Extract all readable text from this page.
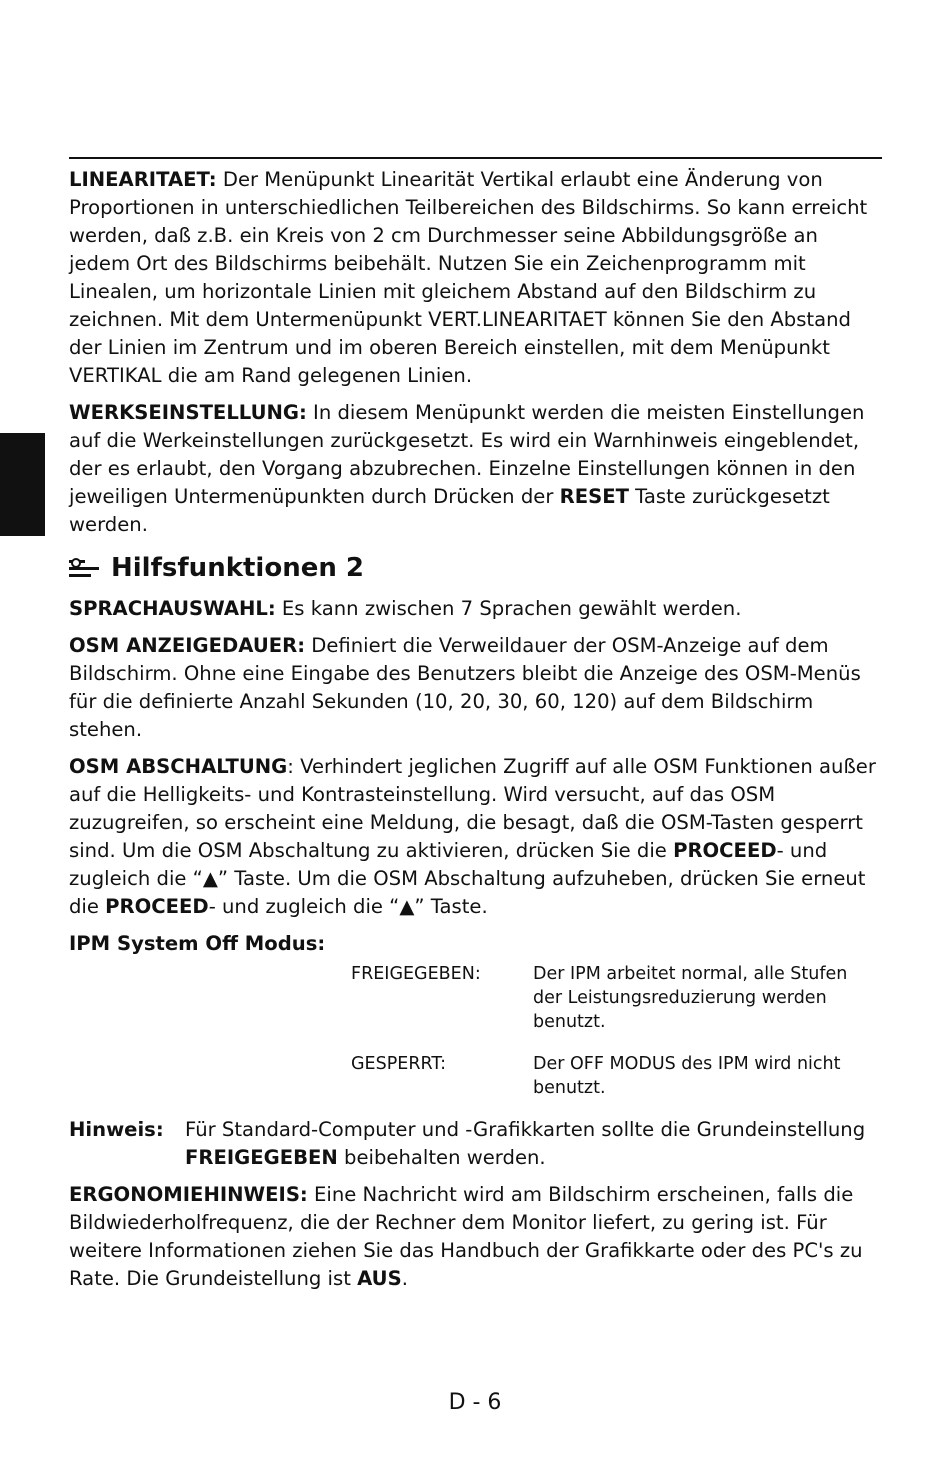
LINEARITAET: Der Menüpunkt Linearität Vertikal erlaubt eine Änderung von Proportionen in unterschiedlichen Teilbereichen des Bildschirms. So kann erreicht werden, daß z.B. ein Kreis von 2 cm Durchmesser seine Abbildungsgröße an jedem Ort des Bildschirms beibehält. Nutzen Sie ein Zeichenprogramm mit Linealen, um horizontale Linien mit gleichem Abstand auf den Bildschirm zu zeichnen. Mit dem Untermenüpunkt VERT.LINEARITAET können Sie den Abstand der Linien im Zentrum und im oberen Bereich einstellen, mit dem Menüpunkt VERTIKAL die am Rand gelegenen Linien.

WERKSEINSTELLUNG: In diesem Menüpunkt werden die meisten Einstellungen auf die Werkeinstellungen zurückgesetzt. Es wird ein Warnhinweis eingeblendet, der es erlaubt, den Vorgang abzubrechen. Einzelne Einstellungen können in den jeweiligen Untermenüpunkten durch Drücken der RESET Taste zurückgesetzt werden.

Hilfsfunktionen 2

SPRACHAUSWAHL: Es kann zwischen 7 Sprachen gewählt werden.

OSM ANZEIGEDAUER: Definiert die Verweildauer der OSM-Anzeige auf dem Bildschirm. Ohne eine Eingabe des Benutzers bleibt die Anzeige des OSM-Menüs für die definierte Anzahl Sekunden (10, 20, 30, 60, 120) auf dem Bildschirm stehen.

OSM ABSCHALTUNG: Verhindert jeglichen Zugriff auf alle OSM Funktionen außer auf die Helligkeits- und Kontrasteinstellung. Wird versucht, auf das OSM zuzugreifen, so erscheint eine Meldung, die besagt, daß die OSM-Tasten gesperrt sind. Um die OSM Abschaltung zu aktivieren, drücken Sie die PROCEED- und zugleich die “▲” Taste. Um die OSM Abschaltung aufzuheben, drücken Sie erneut die PROCEED- und zugleich die “▲” Taste.

IPM System Off Modus:

FREIGEGEBEN:	Der IPM arbeitet normal, alle Stufen der Leistungsreduzierung werden benutzt.
GESPERRT:	Der OFF MODUS des IPM wird nicht benutzt.

Hinweis:	Für Standard-Computer und -Grafikkarten sollte die Grundeinstellung FREIGEGEBEN beibehalten werden.

ERGONOMIEHINWEIS: Eine Nachricht wird am Bildschirm erscheinen, falls die Bildwiederholfrequenz, die der Rechner dem Monitor liefert, zu gering ist. Für weitere Informationen ziehen Sie das Handbuch der Grafikkarte oder des PC's zu Rate. Die Grundeistellung ist AUS.

D - 6
